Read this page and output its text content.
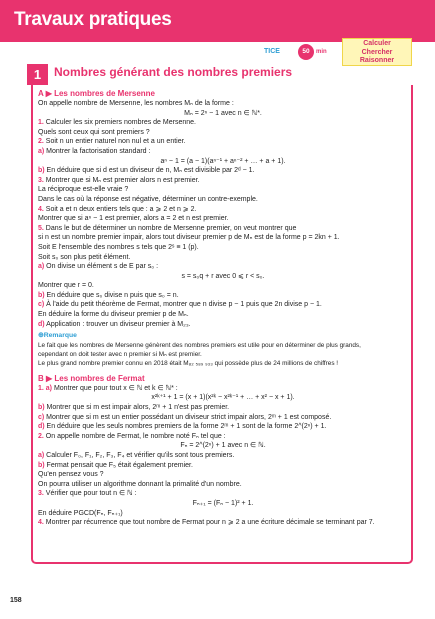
Travaux pratiques
TICE	50	min
Calculer
Chercher
Raisonner
1	Nombres générant des nombres premiers
A ▶ Les nombres de Mersenne

On appelle nombre de Mersenne, les nombres Mₙ de la forme :

Mₙ = 2ⁿ − 1 avec n ∈ ℕ*.

1. Calculer les six premiers nombres de Mersenne.

Quels sont ceux qui sont premiers ?

2. Soit n un entier naturel non nul et a un entier.

a) Montrer la factorisation standard :

aⁿ − 1 = (a − 1)(aⁿ⁻¹ + aⁿ⁻² + … + a + 1).

b) En déduire que si d est un diviseur de n, Mₙ est divisible par 2ᵈ − 1.

3. Montrer que si Mₙ est premier alors n est premier.

La réciproque est-elle vraie ?

Dans le cas où la réponse est négative, déterminer un contre-exemple.

4. Soit a et n deux entiers tels que : a ⩾ 2 et n ⩾ 2.

Montrer que si aⁿ − 1 est premier, alors a = 2 et n est premier.

5. Dans le but de déterminer un nombre de Mersenne premier, on veut montrer que

si n est un nombre premier impair, alors tout diviseur premier p de Mₙ est de la forme p = 2kn + 1.

Soit E l'ensemble des nombres s tels que 2ˢ ≡ 1 (p).

Soit s₀ son plus petit élément.

a) On divise un élément s de E par s₀ :

s = s₀q + r avec 0 ⩽ r < s₀.

Montrer que r = 0.

b) En déduire que s₀ divise n puis que s₀ = n.

c) À l'aide du petit théorème de Fermat, montrer que n divise p − 1 puis que 2n divise p − 1.

En déduire la forme du diviseur premier p de Mₙ.

d) Application : trouver un diviseur premier à M₂₃.

⊕Remarque

Le fait que les nombres de Mersenne génèrent des nombres premiers est utile pour en déterminer de plus grands,

cependant on doit tester avec n premier si Mₙ est premier.

Le plus grand nombre premier connu en 2018 était M₈₂ ₅₈₉ ₉₃₃ qui possède plus de 24 millions de chiffres !

B ▶ Les nombres de Fermat

1. a) Montrer que pour tout x ∈ ℕ et k ∈ ℕ* :

x²ᵏ⁺¹ + 1 = (x + 1)(x²ᵏ − x²ᵏ⁻¹ + … + x² − x + 1).

b) Montrer que si m est impair alors, 2ᵐ + 1 n'est pas premier.

c) Montrer que si m est un entier possédant un diviseur strict impair alors, 2ᵐ + 1 est composé.

d) En déduire que les seuls nombres premiers de la forme 2ᵐ + 1 sont de la forme 2^(2ⁿ) + 1.

2. On appelle nombre de Fermat, le nombre noté Fₙ tel que :

Fₙ = 2^(2ⁿ) + 1 avec n ∈ ℕ.

a) Calculer F₀, F₁, F₂, F₃, F₄ et vérifier qu'ils sont tous premiers.

b) Fermat pensait que F₅ était également premier.

Qu'en pensez vous ?

On pourra utiliser un algorithme donnant la primalité d'un nombre.

3. Vérifier que pour tout n ∈ ℕ :

Fₙ₊₁ = (Fₙ − 1)² + 1.

En déduire PGCD(Fₙ, Fₙ₊₁)

4. Montrer par récurrence que tout nombre de Fermat pour n ⩾ 2 a une écriture décimale se terminant par 7.

158
